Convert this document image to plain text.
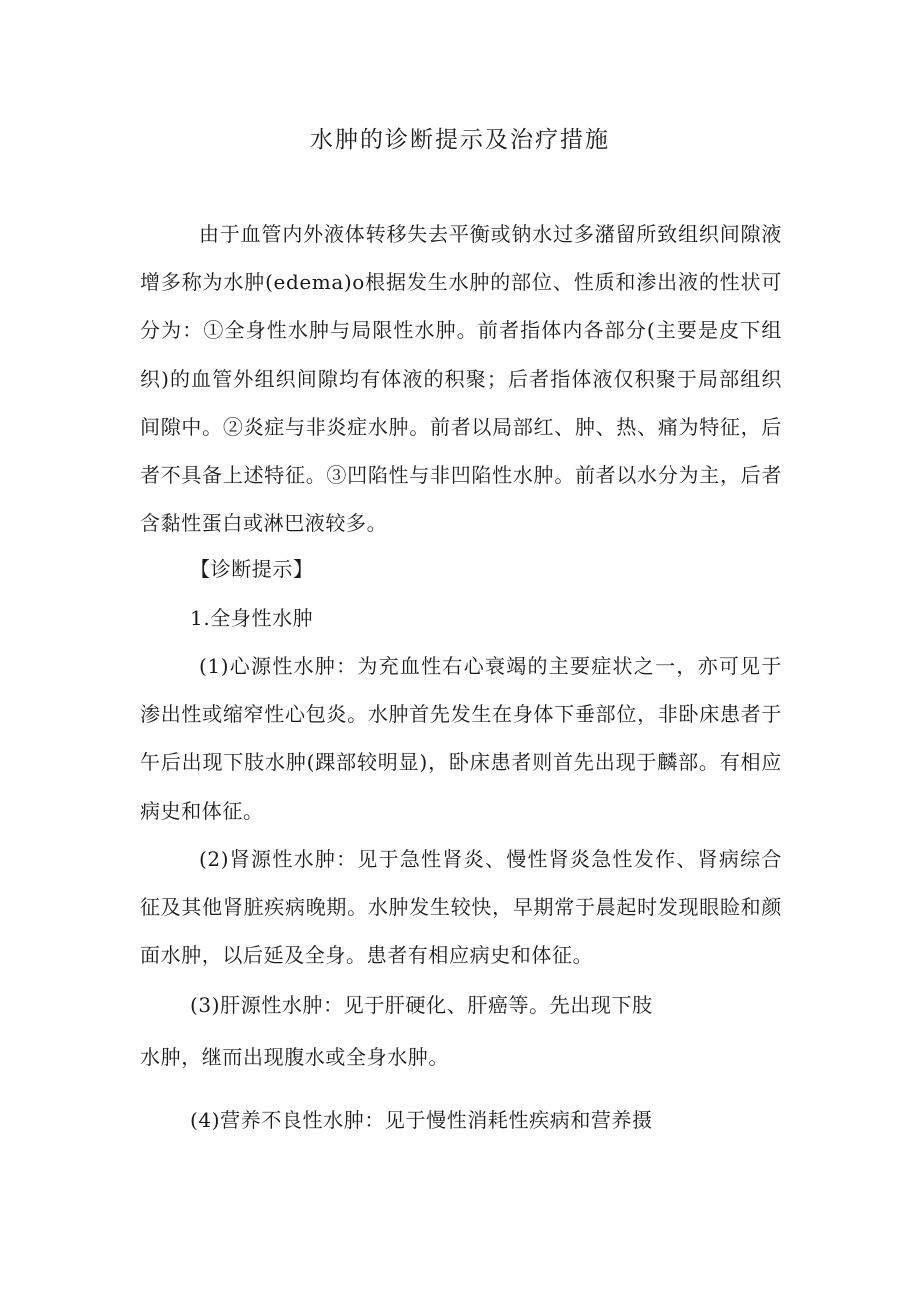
水肿的诊断提示及治疗措施

由于血管内外液体转移失去平衡或钠水过多潴留所致组织间隙液增多称为水肿(edema)o根据发生水肿的部位、性质和渗出液的性状可分为：①全身性水肿与局限性水肿。前者指体内各部分(主要是皮下组织)的血管外组织间隙均有体液的积聚；后者指体液仅积聚于局部组织间隙中。②炎症与非炎症水肿。前者以局部红、肿、热、痛为特征，后者不具备上述特征。③凹陷性与非凹陷性水肿。前者以水分为主，后者含黏性蛋白或淋巴液较多。

【诊断提示】

1.全身性水肿

(1)心源性水肿：为充血性右心衰竭的主要症状之一，亦可见于渗出性或缩窄性心包炎。水肿首先发生在身体下垂部位，非卧床患者于午后出现下肢水肿(踝部较明显)，卧床患者则首先出现于麟部。有相应病史和体征。

(2)肾源性水肿：见于急性肾炎、慢性肾炎急性发作、肾病综合征及其他肾脏疾病晚期。水肿发生较快，早期常于晨起时发现眼睑和颜面水肿，以后延及全身。患者有相应病史和体征。

(3)肝源性水肿：见于肝硬化、肝癌等。先出现下肢

水肿，继而出现腹水或全身水肿。

(4)营养不良性水肿：见于慢性消耗性疾病和营养摄
